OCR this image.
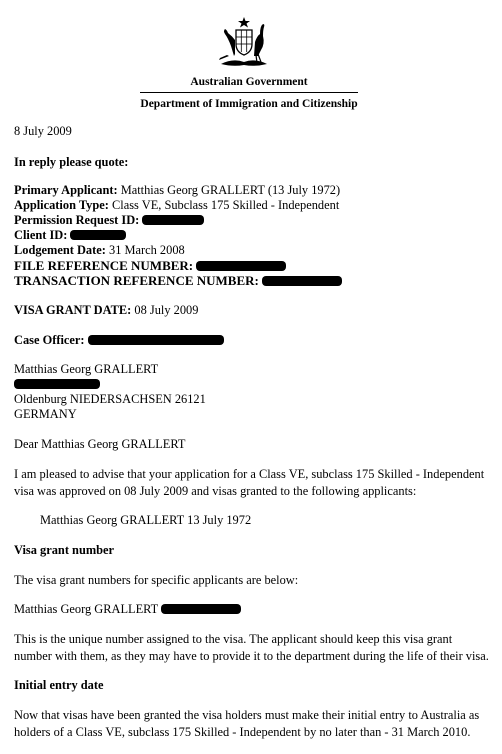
Australian Government
Department of Immigration and Citizenship
8 July 2009
In reply please quote:
Primary Applicant: Matthias Georg GRALLERT (13 July 1972)
Application Type: Class VE, Subclass 175 Skilled - Independent
Permission Request ID:
Client ID:
Lodgement Date: 31 March 2008
FILE REFERENCE NUMBER:
TRANSACTION REFERENCE NUMBER:
VISA GRANT DATE: 08 July 2009
Case Officer:
Matthias Georg GRALLERT
Oldenburg NIEDERSACHSEN 26121
GERMANY
Dear Matthias Georg GRALLERT
I am pleased to advise that your application for a Class VE, subclass 175 Skilled - Independent visa was approved on 08 July 2009 and visas granted to the following applicants:
Matthias Georg GRALLERT 13 July 1972
Visa grant number
The visa grant numbers for specific applicants are below:
Matthias Georg GRALLERT
This is the unique number assigned to the visa. The applicant should keep this visa grant number with them, as they may have to provide it to the department during the life of their visa.
Initial entry date
Now that visas have been granted the visa holders must make their initial entry to Australia as holders of a Class VE, subclass 175 Skilled - Independent by no later than - 31 March 2010.
